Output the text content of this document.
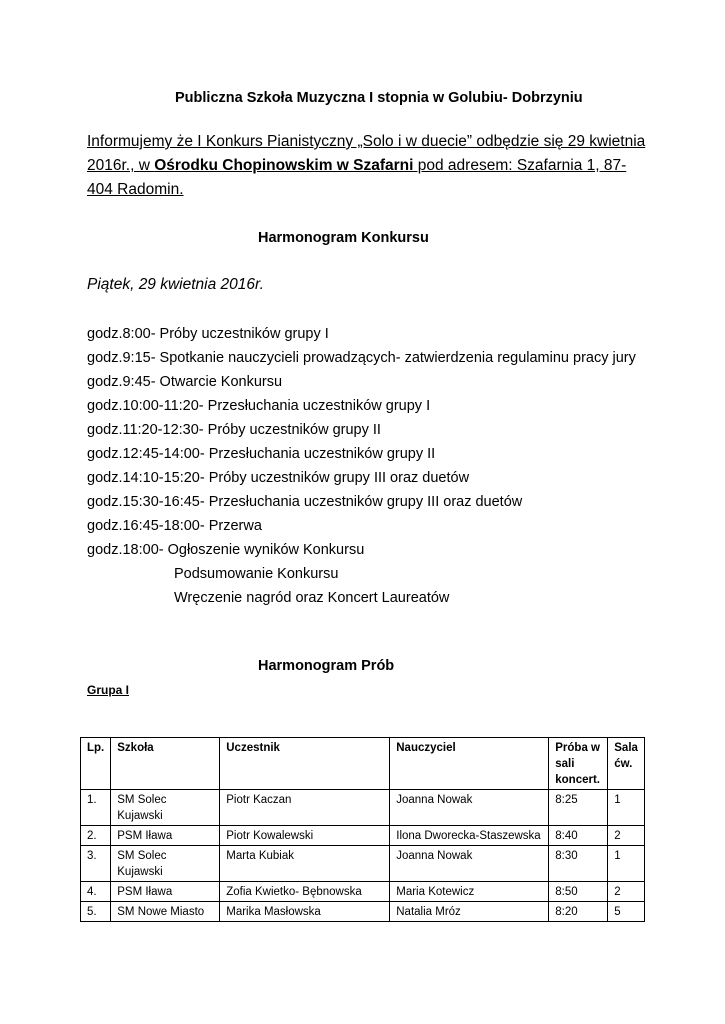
Publiczna Szkoła Muzyczna I stopnia w Golubiu- Dobrzyniu
Informujemy że I Konkurs Pianistyczny „Solo i w duecie” odbędzie się 29 kwietnia 2016r., w Ośrodku Chopinowskim w Szafarni pod adresem: Szafarnia 1, 87-404 Radomin.
Harmonogram Konkursu
Piątek, 29 kwietnia 2016r.
godz.8:00- Próby uczestników grupy I
godz.9:15- Spotkanie nauczycieli prowadzących- zatwierdzenia regulaminu pracy jury
godz.9:45- Otwarcie Konkursu
godz.10:00-11:20- Przesłuchania uczestników grupy I
godz.11:20-12:30- Próby uczestników grupy II
godz.12:45-14:00- Przesłuchania uczestników grupy II
godz.14:10-15:20- Próby uczestników grupy III oraz duetów
godz.15:30-16:45- Przesłuchania uczestników grupy III oraz duetów
godz.16:45-18:00- Przerwa
godz.18:00- Ogłoszenie wyników Konkursu
Podsumowanie Konkursu
Wręczenie nagród oraz Koncert Laureatów
Harmonogram Prób
Grupa I
Lp.	Szkoła	Uczestnik	Nauczyciel	Próba w sali koncert.	Sala ćw.
1.	SM Solec Kujawski	Piotr Kaczan	Joanna Nowak	8:25	1
2.	PSM Iława	Piotr Kowalewski	Ilona Dworecka-Staszewska	8:40	2
3.	SM Solec Kujawski	Marta Kubiak	Joanna Nowak	8:30	1
4.	PSM Iława	Zofia Kwietko- Bębnowska	Maria Kotewicz	8:50	2
5.	SM Nowe Miasto	Marika Masłowska	Natalia Mróz	8:20	5
